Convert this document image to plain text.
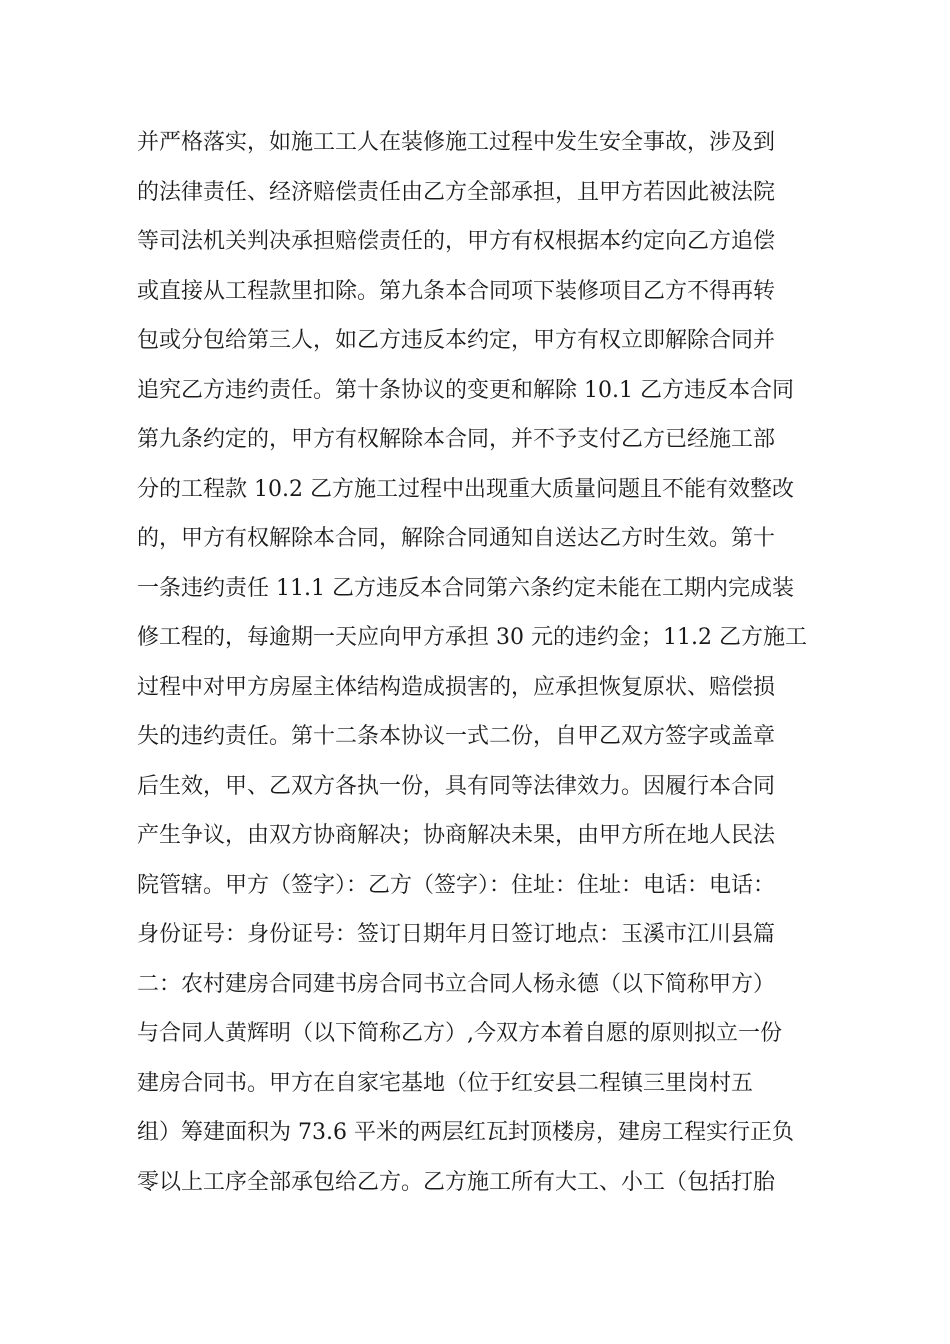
并严格落实，如施工工人在装修施工过程中发生安全事故，涉及到
的法律责任、经济赔偿责任由乙方全部承担，且甲方若因此被法院
等司法机关判决承担赔偿责任的，甲方有权根据本约定向乙方追偿
或直接从工程款里扣除。第九条本合同项下装修项目乙方不得再转
包或分包给第三人，如乙方违反本约定，甲方有权立即解除合同并
追究乙方违约责任。第十条协议的变更和解除 10.1 乙方违反本合同
第九条约定的，甲方有权解除本合同，并不予支付乙方已经施工部
分的工程款 10.2 乙方施工过程中出现重大质量问题且不能有效整改
的，甲方有权解除本合同，解除合同通知自送达乙方时生效。第十
一条违约责任 11.1 乙方违反本合同第六条约定未能在工期内完成装
修工程的，每逾期一天应向甲方承担 30 元的违约金；11.2 乙方施工
过程中对甲方房屋主体结构造成损害的，应承担恢复原状、赔偿损
失的违约责任。第十二条本协议一式二份，自甲乙双方签字或盖章
后生效，甲、乙双方各执一份，具有同等法律效力。因履行本合同
产生争议，由双方协商解决；协商解决未果，由甲方所在地人民法
院管辖。甲方（签字）：乙方（签字）：住址：住址：电话：电话：
身份证号：身份证号：签订日期年月日签订地点：玉溪市江川县篇
二：农村建房合同建书房合同书立合同人杨永德（以下简称甲方）
与合同人黄辉明（以下简称乙方）,今双方本着自愿的原则拟立一份
建房合同书。甲方在自家宅基地（位于红安县二程镇三里岗村五
组）筹建面积为 73.6 平米的两层红瓦封顶楼房，建房工程实行正负
零以上工序全部承包给乙方。乙方施工所有大工、小工（包括打胎
